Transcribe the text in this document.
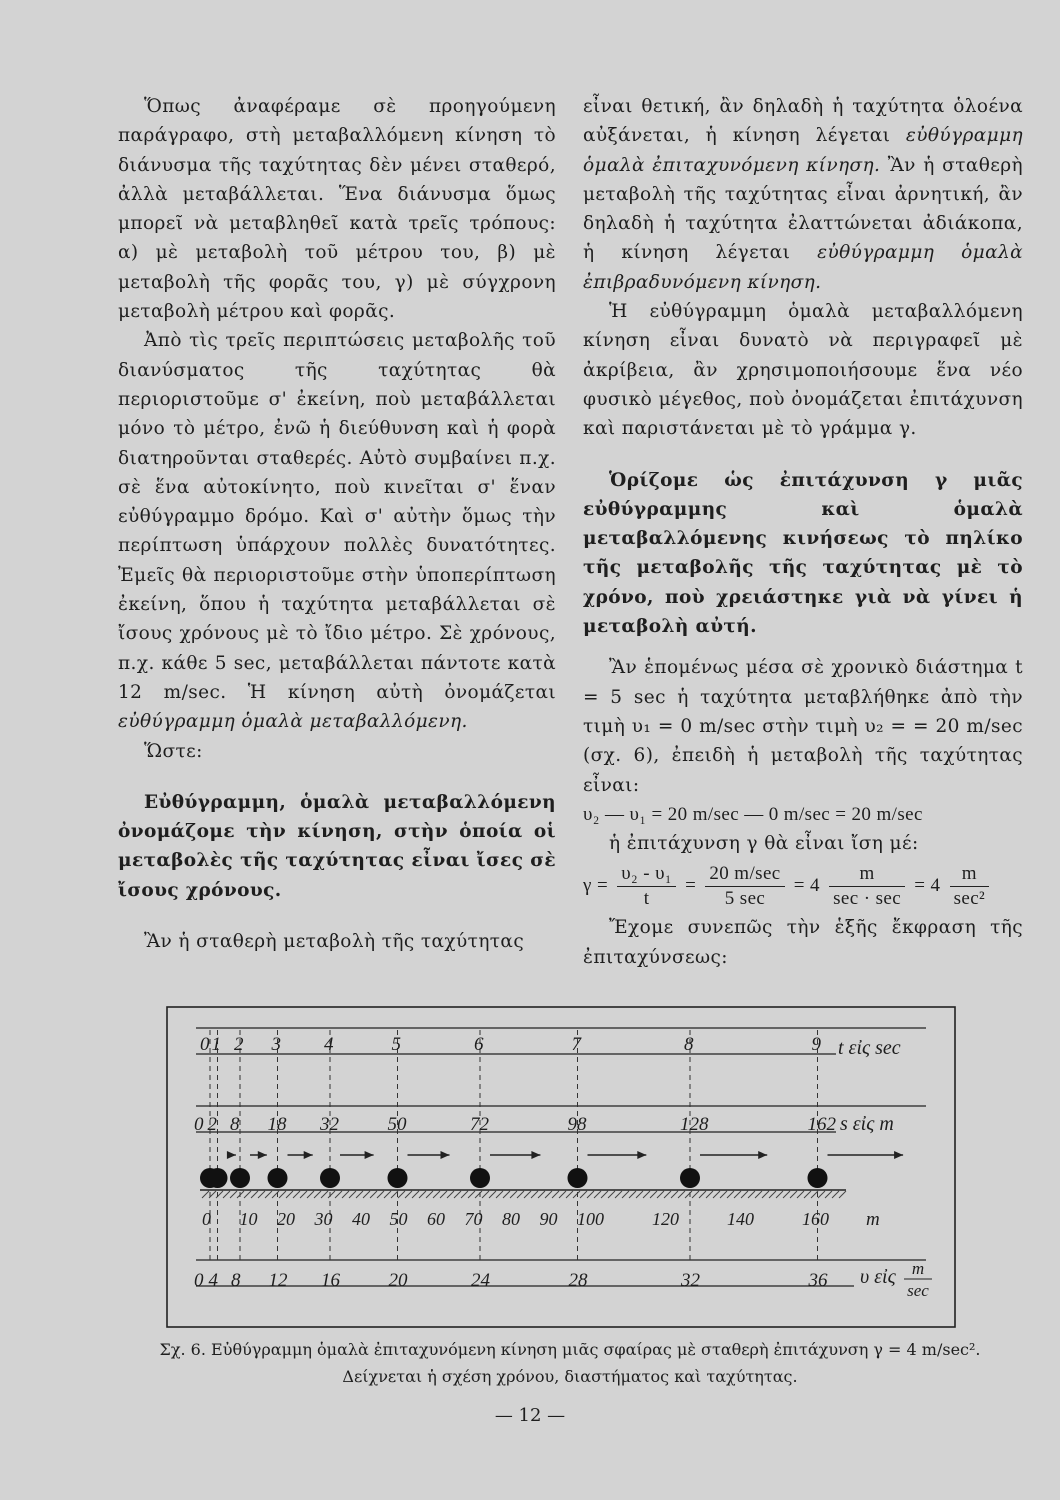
Ὅπως ἀναφέραμε σὲ προηγούμενη παράγραφο, στὴ μεταβαλλόμενη κίνηση τὸ διάνυσμα τῆς ταχύτητας δὲν μένει σταθερό, ἀλλὰ μεταβάλλεται. Ἕνα διάνυσμα ὅμως μπορεῖ νὰ μεταβληθεῖ κατὰ τρεῖς τρόπους: α) μὲ μεταβολὴ τοῦ μέτρου του, β) μὲ μεταβολὴ τῆς φορᾶς του, γ) μὲ σύγχρονη μεταβολὴ μέτρου καὶ φορᾶς.

Ἀπὸ τὶς τρεῖς περιπτώσεις μεταβολῆς τοῦ διανύσματος τῆς ταχύτητας θὰ περιοριστοῦμε σ' ἐκείνη, ποὺ μεταβάλλεται μόνο τὸ μέτρο, ἐνῶ ἡ διεύθυνση καὶ ἡ φορὰ διατηροῦνται σταθερές. Αὐτὸ συμβαίνει π.χ. σὲ ἕνα αὐτοκίνητο, ποὺ κινεῖται σ' ἕναν εὐθύγραμμο δρόμο. Καὶ σ' αὐτὴν ὅμως τὴν περίπτωση ὑπάρχουν πολλὲς δυνατότητες. Ἐμεῖς θὰ περιοριστοῦμε στὴν ὑποπερίπτωση ἐκείνη, ὅπου ἡ ταχύτητα μεταβάλλεται σὲ ἴσους χρόνους μὲ τὸ ἴδιο μέτρο. Σὲ χρόνους, π.χ. κάθε 5 sec, μεταβάλλεται πάντοτε κατὰ 12 m/sec. Ἡ κίνηση αὐτὴ ὀνομάζεται εὐθύγραμμη ὁμαλὰ μεταβαλλόμενη.

Ὥστε:

Εὐθύγραμμη, ὁμαλὰ μεταβαλλόμενη ὀνομάζομε τὴν κίνηση, στὴν ὁποία οἱ μεταβολὲς τῆς ταχύτητας εἶναι ἴσες σὲ ἴσους χρόνους.

Ἂν ἡ σταθερὴ μεταβολὴ τῆς ταχύτητας

εἶναι θετική, ἂν δηλαδὴ ἡ ταχύτητα ὁλοένα αὐξάνεται, ἡ κίνηση λέγεται εὐθύγραμμη ὁμαλὰ ἐπιταχυνόμενη κίνηση. Ἂν ἡ σταθερὴ μεταβολὴ τῆς ταχύτητας εἶναι ἀρνητική, ἂν δηλαδὴ ἡ ταχύτητα ἐλαττώνεται ἀδιάκοπα, ἡ κίνηση λέγεται εὐθύγραμμη ὁμαλὰ ἐπιβραδυνόμενη κίνηση.

Ἡ εὐθύγραμμη ὁμαλὰ μεταβαλλόμενη κίνηση εἶναι δυνατὸ νὰ περιγραφεῖ μὲ ἀκρίβεια, ἂν χρησιμοποιήσουμε ἕνα νέο φυσικὸ μέγεθος, ποὺ ὀνομάζεται ἐπιτάχυνση καὶ παριστάνεται μὲ τὸ γράμμα γ.

Ὁρίζομε ὡς ἐπιτάχυνση γ μιᾶς εὐθύγραμμης καὶ ὁμαλὰ μεταβαλλόμενης κινήσεως τὸ πηλίκο τῆς μεταβολῆς τῆς ταχύτητας μὲ τὸ χρόνο, ποὺ χρειάστηκε γιὰ νὰ γίνει ἡ μεταβολὴ αὐτή.

Ἂν ἑπομένως μέσα σὲ χρονικὸ διάστημα t = 5 sec ἡ ταχύτητα μεταβλήθηκε ἀπὸ τὴν τιμὴ υ₁ = 0 m/sec στὴν τιμὴ υ₂ = = 20 m/sec (σχ. 6), ἐπειδὴ ἡ μεταβολὴ τῆς ταχύτητας εἶναι:

υ₂ — υ₁ = 20 m/sec — 0 m/sec = 20 m/sec

ἡ ἐπιτάχυνση γ θὰ εἶναι ἴση μέ:

$\gamma = \frac{\text{υ₂ - υ₁}}{t} = \frac{20 m/\sec}{5 \sec} = 4 \frac{m}{\sec \cdot \sec} = 4 \frac{m}{\text{sec²}}$

Ἔχομε συνεπῶς τὴν ἑξῆς ἔκφραση τῆς ἐπιταχύνσεως:

t εἰς sec
s εἰς m
m
υ εἰς m
sec
0 1 2 3 4	5	6	7	8	9
0 2 8 18 32	50	72	98	128	162
0 4 8 12 16	20	24	28	32	36
0 10 20 30 40 50 60 70 80 90 100	120	140	160
Σχ. 6. Εὐθύγραμμη ὁμαλὰ ἐπιταχυνόμενη κίνηση μιᾶς σφαίρας μὲ σταθερὴ ἐπιτάχυνση γ = 4 m/sec².
Δείχνεται ἡ σχέση χρόνου, διαστήματος καὶ ταχύτητας.
— 12 —
